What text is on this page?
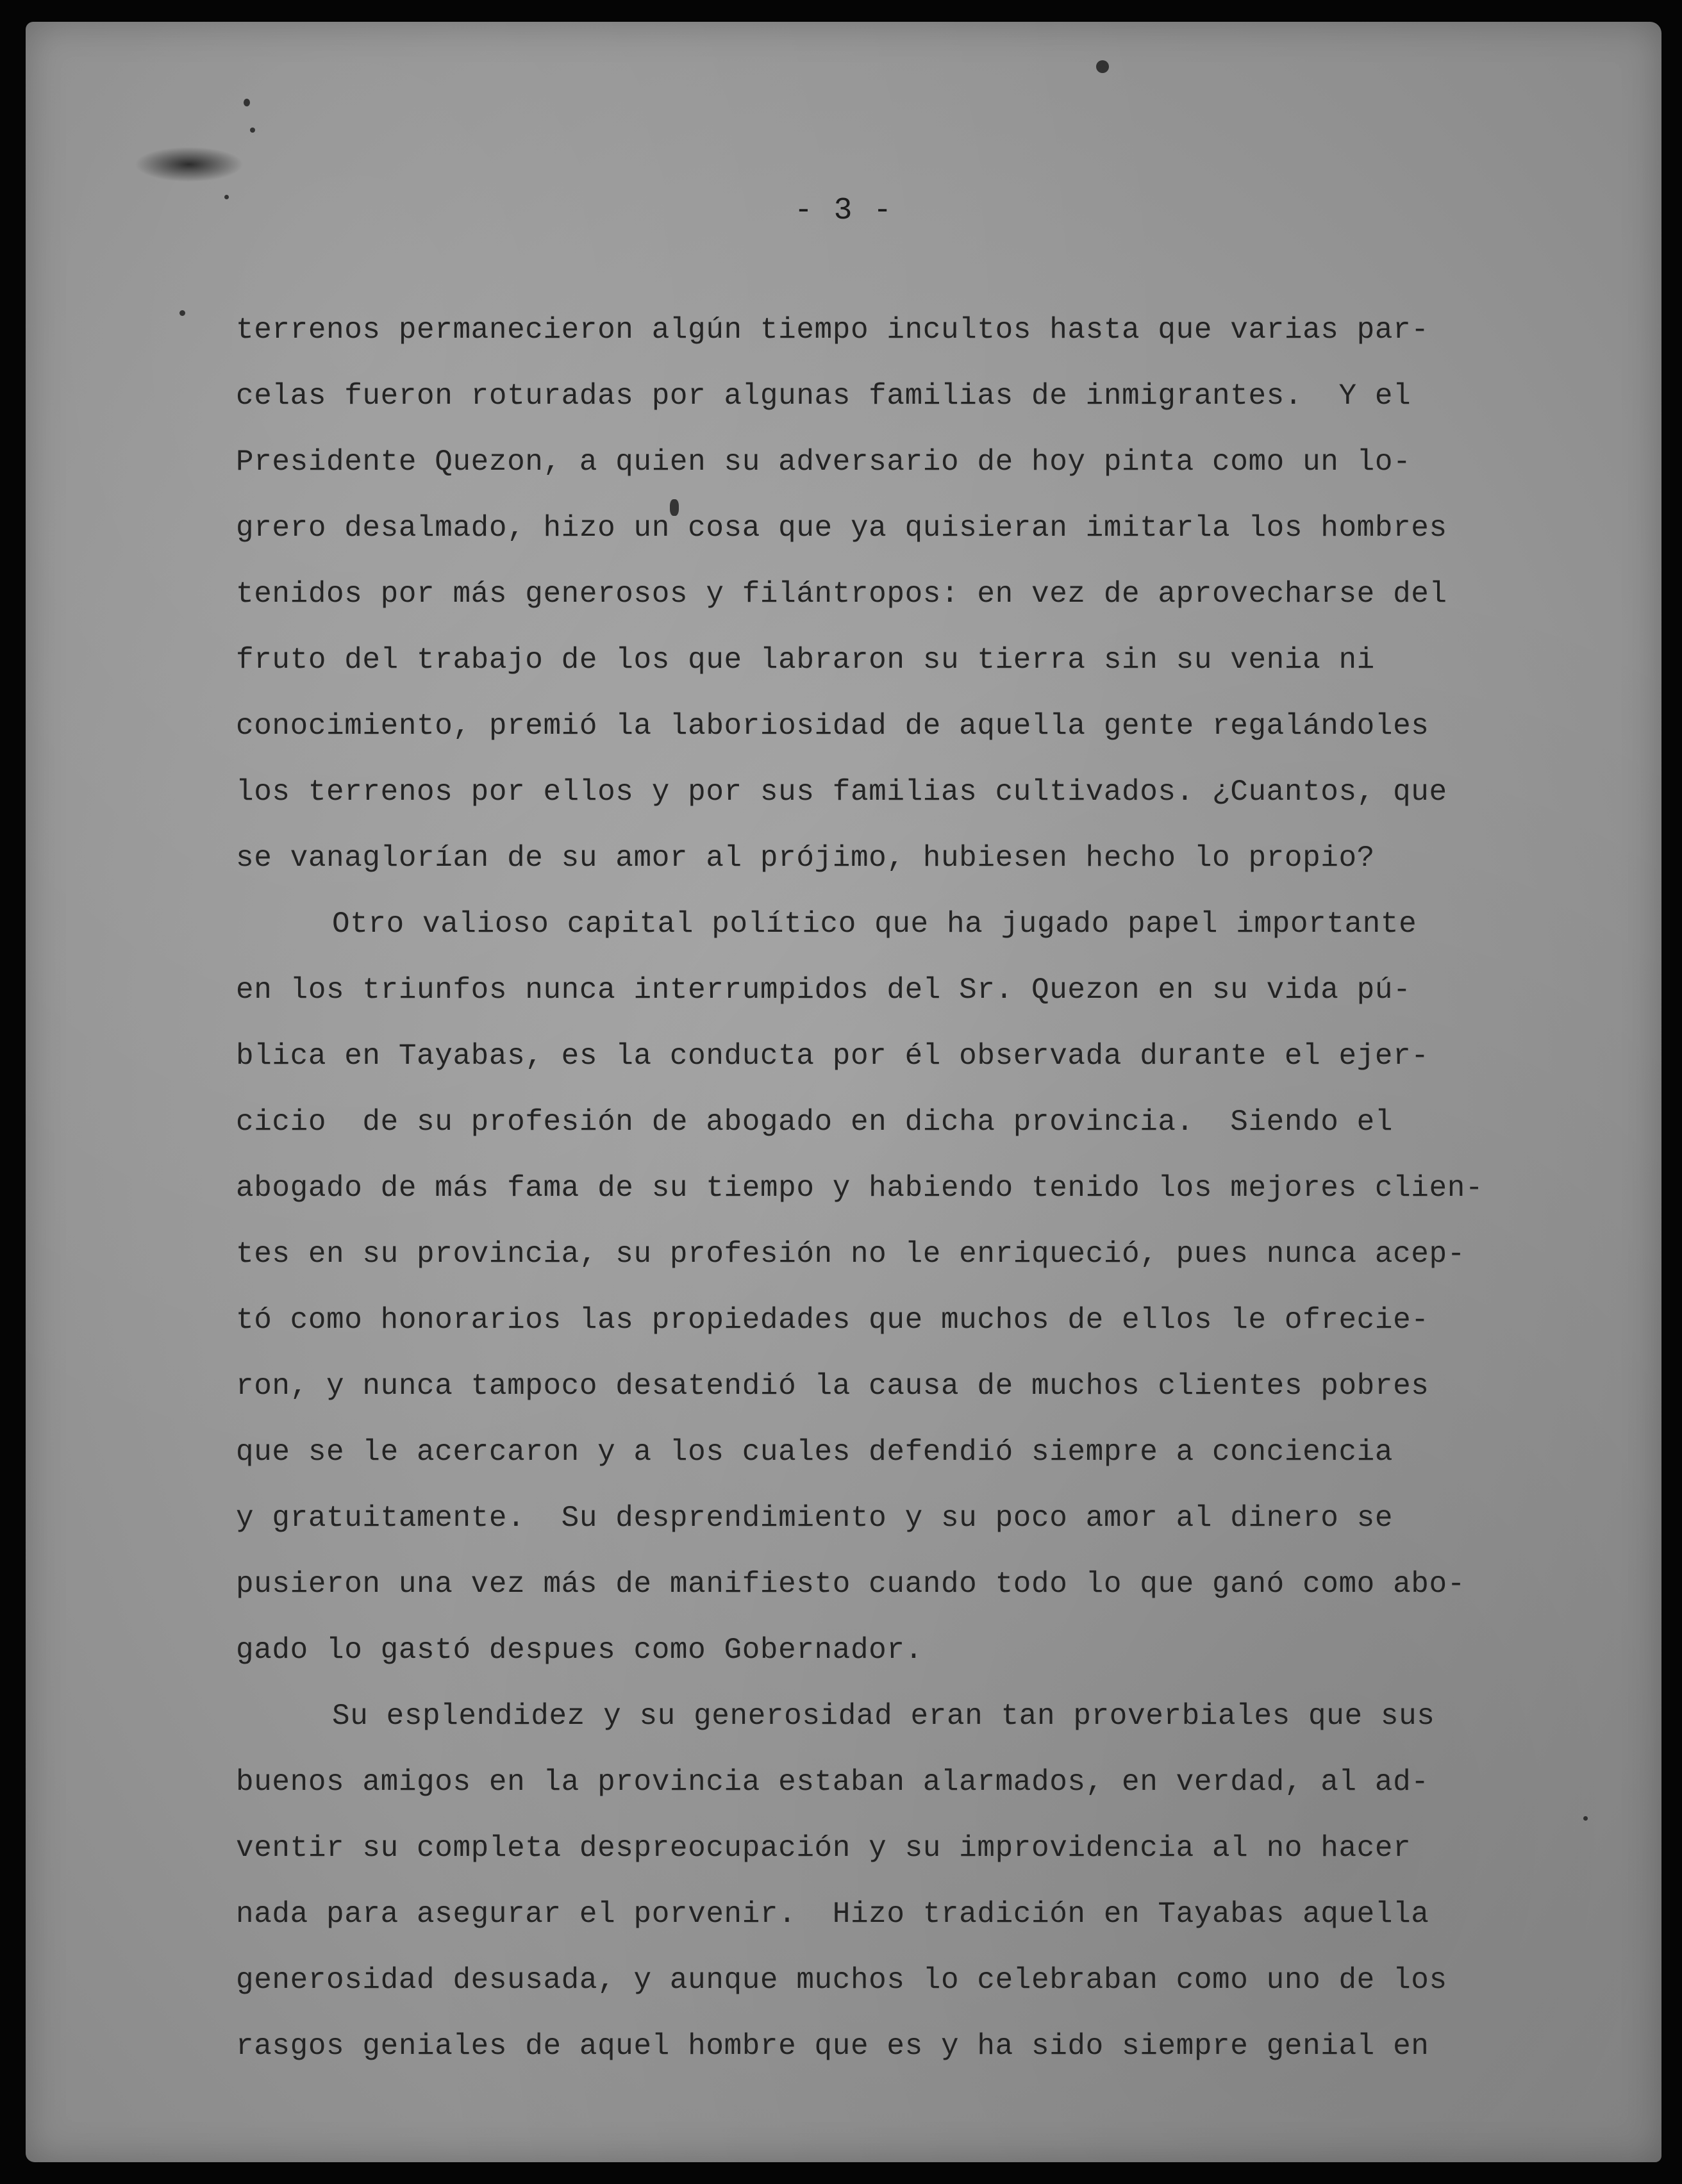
- 3 -
terrenos permanecieron algún tiempo incultos hasta que varias par-
celas fueron roturadas por algunas familias de inmigrantes.  Y el
Presidente Quezon, a quien su adversario de hoy pinta como un lo-
grero desalmado, hizo un cosa que ya quisieran imitarla los hombres
tenidos por más generosos y filántropos: en vez de aprovecharse del
fruto del trabajo de los que labraron su tierra sin su venia ni
conocimiento, premió la laboriosidad de aquella gente regalándoles
los terrenos por ellos y por sus familias cultivados. ¿Cuantos, que
se vanaglorían de su amor al prójimo, hubiesen hecho lo propio?
Otro valioso capital político que ha jugado papel importante
en los triunfos nunca interrumpidos del Sr. Quezon en su vida pú-
blica en Tayabas, es la conducta por él observada durante el ejer-
cicio  de su profesión de abogado en dicha provincia.  Siendo el
abogado de más fama de su tiempo y habiendo tenido los mejores clien-
tes en su provincia, su profesión no le enriqueció, pues nunca acep-
tó como honorarios las propiedades que muchos de ellos le ofrecie-
ron, y nunca tampoco desatendió la causa de muchos clientes pobres
que se le acercaron y a los cuales defendió siempre a conciencia
y gratuitamente.  Su desprendimiento y su poco amor al dinero se
pusieron una vez más de manifiesto cuando todo lo que ganó como abo-
gado lo gastó despues como Gobernador.
Su esplendidez y su generosidad eran tan proverbiales que sus
buenos amigos en la provincia estaban alarmados, en verdad, al ad-
ventir su completa despreocupación y su improvidencia al no hacer
nada para asegurar el porvenir.  Hizo tradición en Tayabas aquella
generosidad desusada, y aunque muchos lo celebraban como uno de los
rasgos geniales de aquel hombre que es y ha sido siempre genial en
